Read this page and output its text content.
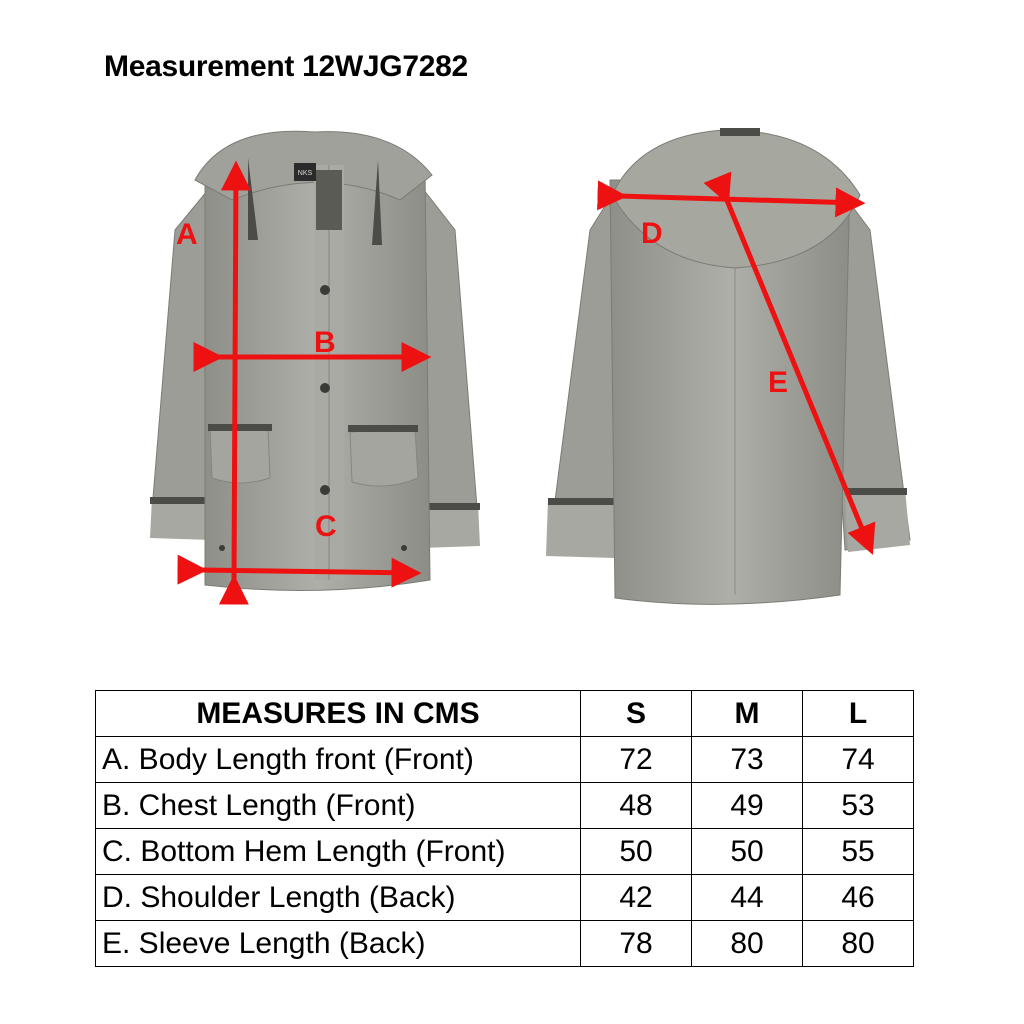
Measurement 12WJG7282
NKS
A
B
C
D
E
MEASURES IN CMS	S	M	L
A. Body Length front (Front)	72	73	74
B. Chest Length (Front)	48	49	53
C. Bottom Hem Length (Front)	50	50	55
D. Shoulder Length (Back)	42	44	46
E. Sleeve Length (Back)	78	80	80
